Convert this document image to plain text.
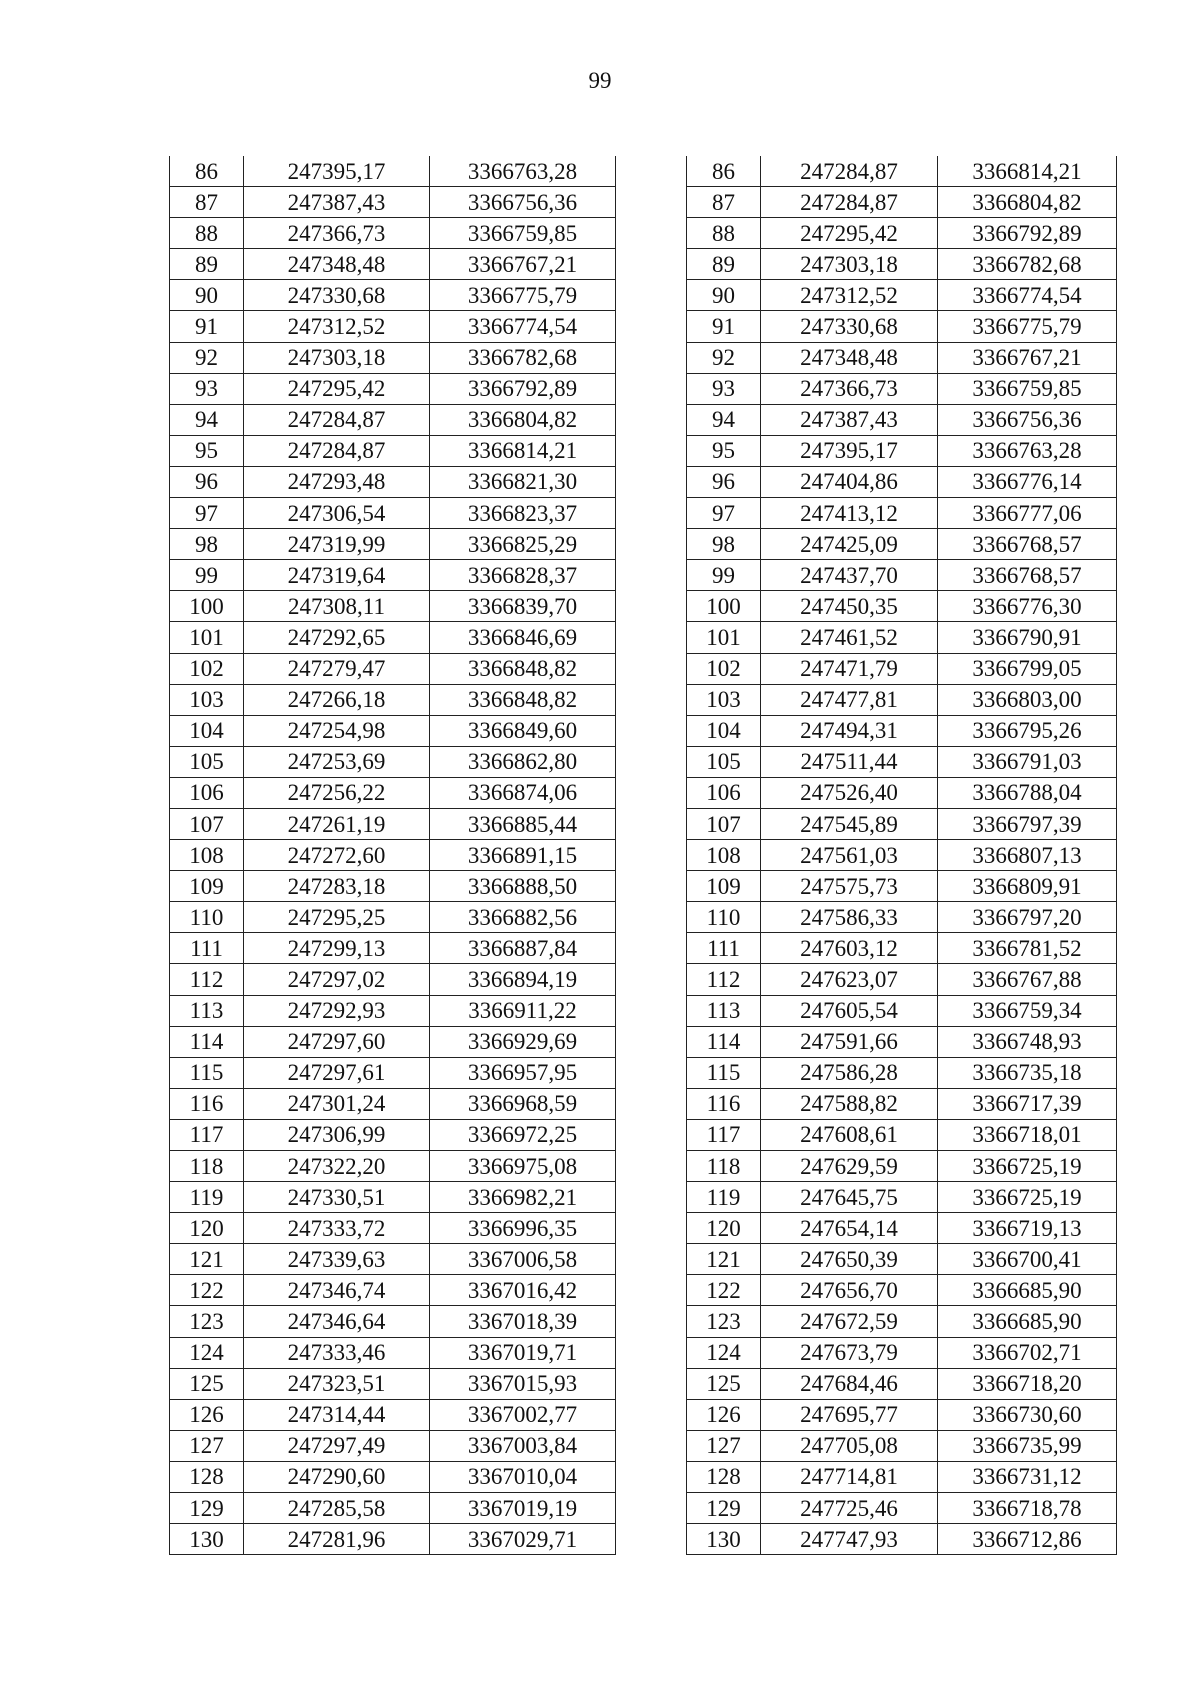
99
86	247395,17	3366763,28
87	247387,43	3366756,36
88	247366,73	3366759,85
89	247348,48	3366767,21
90	247330,68	3366775,79
91	247312,52	3366774,54
92	247303,18	3366782,68
93	247295,42	3366792,89
94	247284,87	3366804,82
95	247284,87	3366814,21
96	247293,48	3366821,30
97	247306,54	3366823,37
98	247319,99	3366825,29
99	247319,64	3366828,37
100	247308,11	3366839,70
101	247292,65	3366846,69
102	247279,47	3366848,82
103	247266,18	3366848,82
104	247254,98	3366849,60
105	247253,69	3366862,80
106	247256,22	3366874,06
107	247261,19	3366885,44
108	247272,60	3366891,15
109	247283,18	3366888,50
110	247295,25	3366882,56
111	247299,13	3366887,84
112	247297,02	3366894,19
113	247292,93	3366911,22
114	247297,60	3366929,69
115	247297,61	3366957,95
116	247301,24	3366968,59
117	247306,99	3366972,25
118	247322,20	3366975,08
119	247330,51	3366982,21
120	247333,72	3366996,35
121	247339,63	3367006,58
122	247346,74	3367016,42
123	247346,64	3367018,39
124	247333,46	3367019,71
125	247323,51	3367015,93
126	247314,44	3367002,77
127	247297,49	3367003,84
128	247290,60	3367010,04
129	247285,58	3367019,19
130	247281,96	3367029,71
86	247284,87	3366814,21
87	247284,87	3366804,82
88	247295,42	3366792,89
89	247303,18	3366782,68
90	247312,52	3366774,54
91	247330,68	3366775,79
92	247348,48	3366767,21
93	247366,73	3366759,85
94	247387,43	3366756,36
95	247395,17	3366763,28
96	247404,86	3366776,14
97	247413,12	3366777,06
98	247425,09	3366768,57
99	247437,70	3366768,57
100	247450,35	3366776,30
101	247461,52	3366790,91
102	247471,79	3366799,05
103	247477,81	3366803,00
104	247494,31	3366795,26
105	247511,44	3366791,03
106	247526,40	3366788,04
107	247545,89	3366797,39
108	247561,03	3366807,13
109	247575,73	3366809,91
110	247586,33	3366797,20
111	247603,12	3366781,52
112	247623,07	3366767,88
113	247605,54	3366759,34
114	247591,66	3366748,93
115	247586,28	3366735,18
116	247588,82	3366717,39
117	247608,61	3366718,01
118	247629,59	3366725,19
119	247645,75	3366725,19
120	247654,14	3366719,13
121	247650,39	3366700,41
122	247656,70	3366685,90
123	247672,59	3366685,90
124	247673,79	3366702,71
125	247684,46	3366718,20
126	247695,77	3366730,60
127	247705,08	3366735,99
128	247714,81	3366731,12
129	247725,46	3366718,78
130	247747,93	3366712,86
